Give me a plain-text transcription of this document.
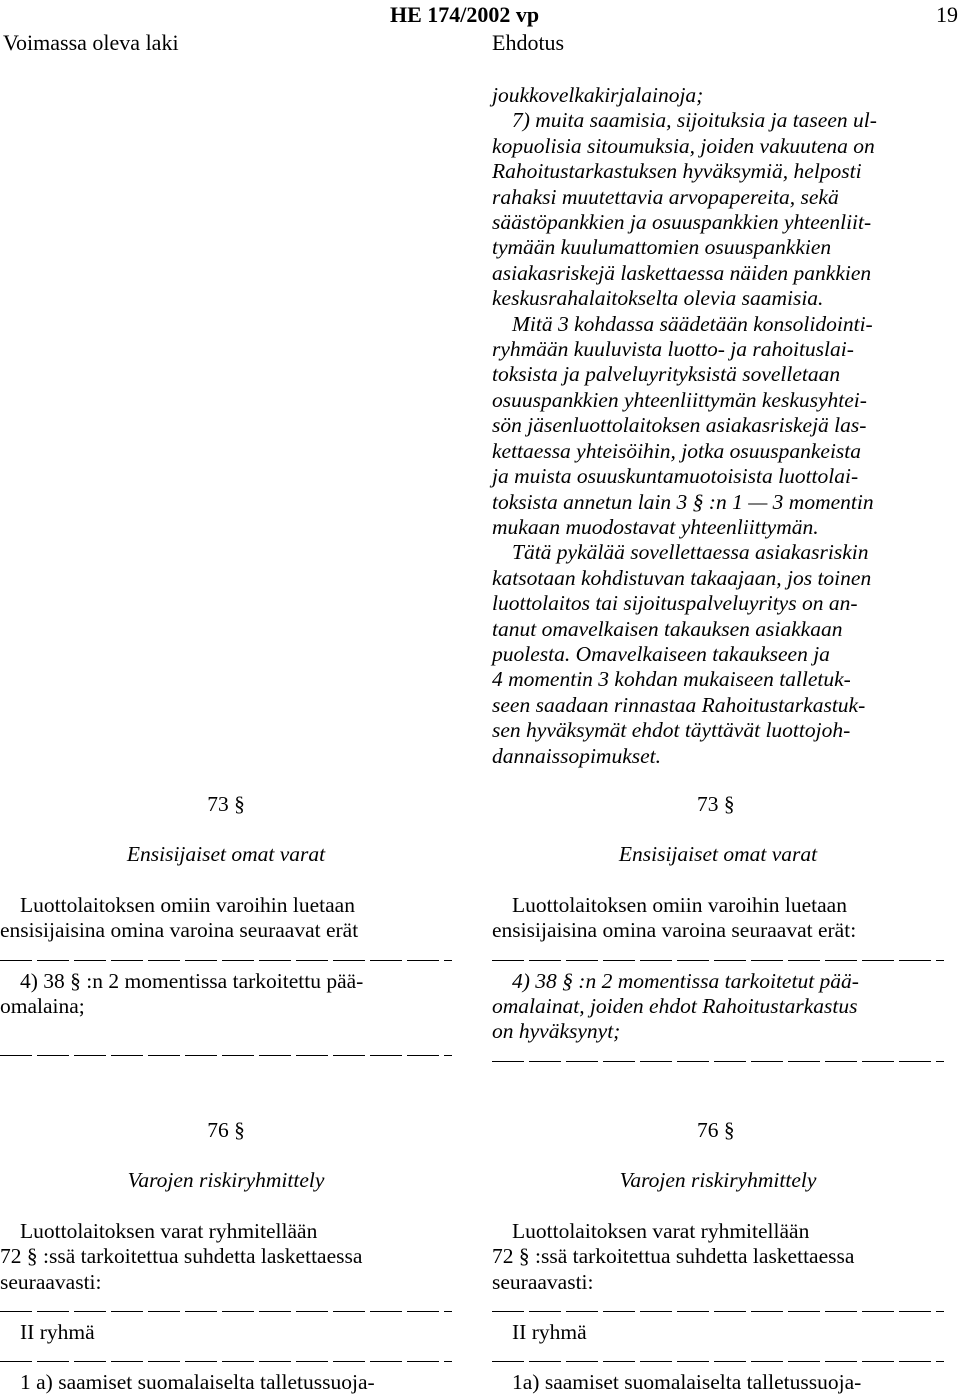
Voimassa oleva laki
HE 174/2002 vp
Ehdotus
19
joukkovelkakirjalainoja;
7) muita saamisia, sijoituksia ja taseen ul-
kopuolisia sitoumuksia, joiden vakuutena on
Rahoitustarkastuksen hyväksymiä, helposti
rahaksi muutettavia arvopapereita, sekä
säästöpankkien ja osuuspankkien yhteenliit-
tymään kuulumattomien osuuspankkien
asiakasriskejä laskettaessa näiden pankkien
keskusrahalaitokselta olevia saamisia.
Mitä 3 kohdassa säädetään konsolidointi-
ryhmään kuuluvista luotto- ja rahoituslai-
toksista ja palveluyrityksistä sovelletaan
osuuspankkien yhteenliittymän keskusyhtei-
sön jäsenluottolaitoksen asiakasriskejä las-
kettaessa yhteisöihin, jotka osuuspankeista
ja muista osuuskuntamuotoisista luottolai-
toksista annetun lain 3 § :n 1 — 3 momentin
mukaan muodostavat yhteenliittymän.
Tätä pykälää sovellettaessa asiakasriskin
katsotaan kohdistuvan takaajaan, jos toinen
luottolaitos tai sijoituspalveluyritys on an-
tanut omavelkaisen takauksen asiakkaan
puolesta. Omavelkaiseen takaukseen ja
4 momentin 3 kohdan mukaiseen talletuk-
seen saadaan rinnastaa Rahoitustarkastuk-
sen hyväksymät ehdot täyttävät luottojoh-
dannaissopimukset.
73 §
Ensisijaiset omat varat
Luottolaitoksen omiin varoihin luetaan
ensisijaisina omina varoina seuraavat erät
4) 38 § :n 2 momentissa tarkoitettu pää-
omalaina;
73 §
Ensisijaiset omat varat
Luottolaitoksen omiin varoihin luetaan
ensisijaisina omina varoina seuraavat erät:
4) 38 § :n 2 momentissa tarkoitetut pää-
omalainat, joiden ehdot Rahoitustarkastus
on hyväksynyt;
76 §
Varojen riskiryhmittely
Luottolaitoksen varat ryhmitellään
72 § :ssä tarkoitettua suhdetta laskettaessa
seuraavasti:
II ryhmä
1 a) saamiset suomalaiselta talletussuoja-
76 §
Varojen riskiryhmittely
Luottolaitoksen varat ryhmitellään
72 § :ssä tarkoitettua suhdetta laskettaessa
seuraavasti:
II ryhmä
1a) saamiset suomalaiselta talletussuoja-
